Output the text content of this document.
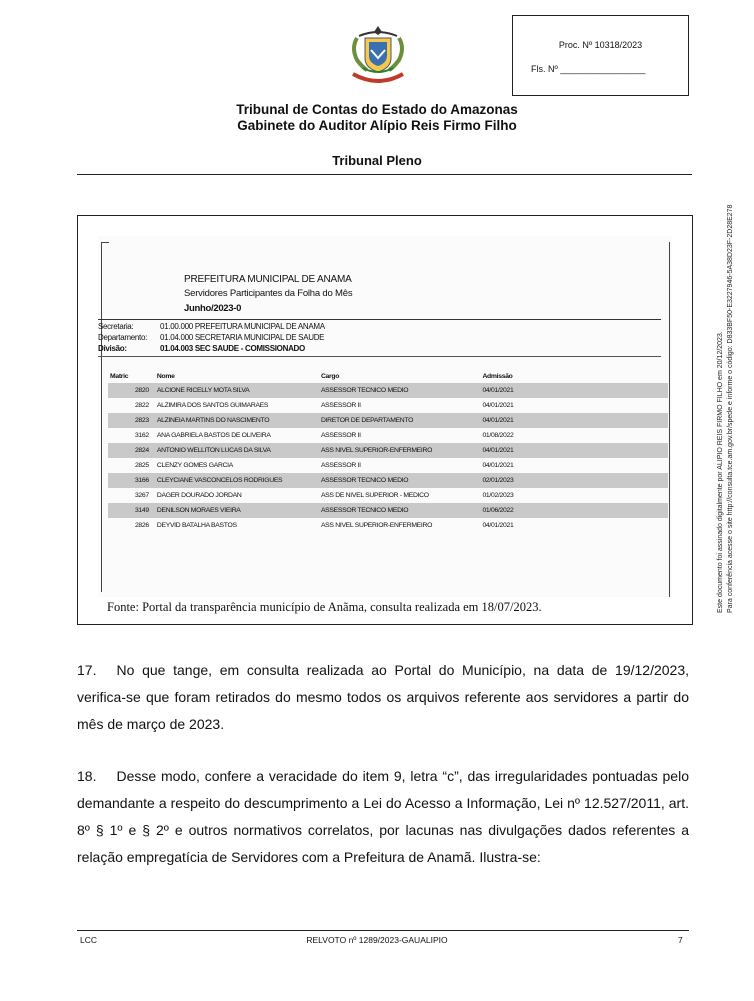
Proc. Nº 10318/2023
Fls. Nº _________________
Tribunal de Contas do Estado do Amazonas
Gabinete do Auditor Alípio Reis Firmo Filho
Tribunal Pleno
Este documento foi assinado digitalmente por ALIPIO REIS FIRMO FILHO em 20/12/2023. Para conferência acesse o site http://consulta.tce.am.gov.br/spede e informe o código: D833BF50-E3227946-5A38D23F-2D28E278
PREFEITURA MUNICIPAL DE ANAMA
Servidores Participantes da Folha do Mês
Junho/2023-0
Secretaria:	01.00.000 PREFEITURA MUNICIPAL DE ANAMA
Departamento: 01.04.000 SECRETARIA MUNICIPAL DE SAUDE
Divisão:	01.04.003 SEC SAUDE - COMISSIONADO
Matric	Nome	Cargo	Admissão
2820	ALCIONE RICELLY MOTA SILVA	ASSESSOR TECNICO MEDIO	04/01/2021
2822	ALZIMIRA DOS SANTOS GUIMARAES	ASSESSOR II	04/01/2021
2823	ALZINEIA MARTINS DO NASCIMENTO	DIRETOR DE DEPARTAMENTO	04/01/2021
3162	ANA GABRIELA BASTOS DE OLIVEIRA	ASSESSOR II	01/08/2022
2824	ANTONIO WELLITON LUCAS DA SILVA	ASS NIVEL SUPERIOR-ENFERMEIRO	04/01/2021
2825	CLENZY GOMES GARCIA	ASSESSOR II	04/01/2021
3166	CLEYCIANE VASCONCELOS RODRIGUES	ASSESSOR TECNICO MEDIO	02/01/2023
3267	DAGER DOURADO JORDAN	ASS DE NIVEL SUPERIOR - MEDICO	01/02/2023
3149	DENILSON MORAES VIEIRA	ASSESSOR TECNICO MEDIO	01/06/2022
2826	DEYVID BATALHA BASTOS	ASS NIVEL SUPERIOR-ENFERMEIRO	04/01/2021
Fonte: Portal da transparência município de Anãma, consulta realizada em 18/07/2023.
17. No que tange, em consulta realizada ao Portal do Município, na data de 19/12/2023, verifica-se que foram retirados do mesmo todos os arquivos referente aos servidores a partir do mês de março de 2023.
18. Desse modo, confere a veracidade do item 9, letra “c”, das irregularidades pontuadas pelo demandante a respeito do descumprimento a Lei do Acesso a Informação, Lei nº 12.527/2011, art. 8º § 1º e § 2º e outros normativos correlatos, por lacunas nas divulgações dados referentes a relação empregatícia de Servidores com a Prefeitura de Anamã. Ilustra-se:
LCC	RELVOTO nº 1289/2023-GAUALIPIO	7
